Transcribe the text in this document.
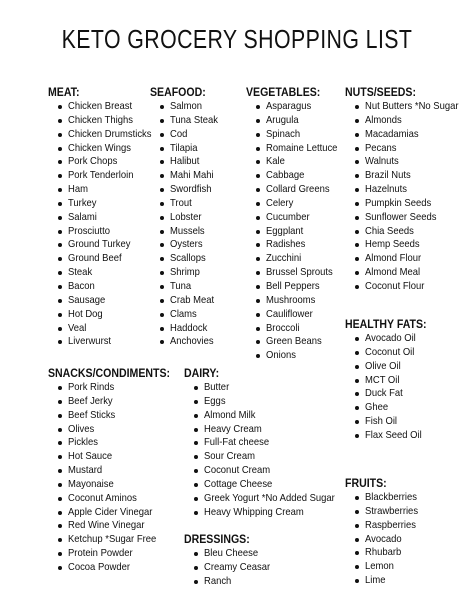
KETO GROCERY SHOPPING LIST
MEAT:
Chicken Breast
Chicken Thighs
Chicken Drumsticks
Chicken Wings
Pork Chops
Pork Tenderloin
Ham
Turkey
Salami
Prosciutto
Ground Turkey
Ground Beef
Steak
Bacon
Sausage
Hot Dog
Veal
Liverwurst
SEAFOOD:
Salmon
Tuna Steak
Cod
Tilapia
Halibut
Mahi Mahi
Swordfish
Trout
Lobster
Mussels
Oysters
Scallops
Shrimp
Tuna
Crab Meat
Clams
Haddock
Anchovies
VEGETABLES:
Asparagus
Arugula
Spinach
Romaine Lettuce
Kale
Cabbage
Collard Greens
Celery
Cucumber
Eggplant
Radishes
Zucchini
Brussel Sprouts
Bell Peppers
Mushrooms
Cauliflower
Broccoli
Green Beans
Onions
NUTS/SEEDS:
Nut Butters *No Sugar
Almonds
Macadamias
Pecans
Walnuts
Brazil Nuts
Hazelnuts
Pumpkin Seeds
Sunflower Seeds
Chia Seeds
Hemp Seeds
Almond Flour
Almond Meal
Coconut Flour
HEALTHY FATS:
Avocado Oil
Coconut Oil
Olive Oil
MCT Oil
Duck Fat
Ghee
Fish Oil
Flax Seed Oil
SNACKS/CONDIMENTS:
Pork Rinds
Beef Jerky
Beef Sticks
Olives
Pickles
Hot Sauce
Mustard
Mayonaise
Coconut Aminos
Apple Cider Vinegar
Red Wine Vinegar
Ketchup *Sugar Free
Protein Powder
Cocoa Powder
DAIRY:
Butter
Eggs
Almond Milk
Heavy Cream
Full-Fat cheese
Sour Cream
Coconut Cream
Cottage Cheese
Greek Yogurt *No Added Sugar
Heavy Whipping Cream
DRESSINGS:
Bleu Cheese
Creamy Ceasar
Ranch
FRUITS:
Blackberries
Strawberries
Raspberries
Avocado
Rhubarb
Lemon
Lime
